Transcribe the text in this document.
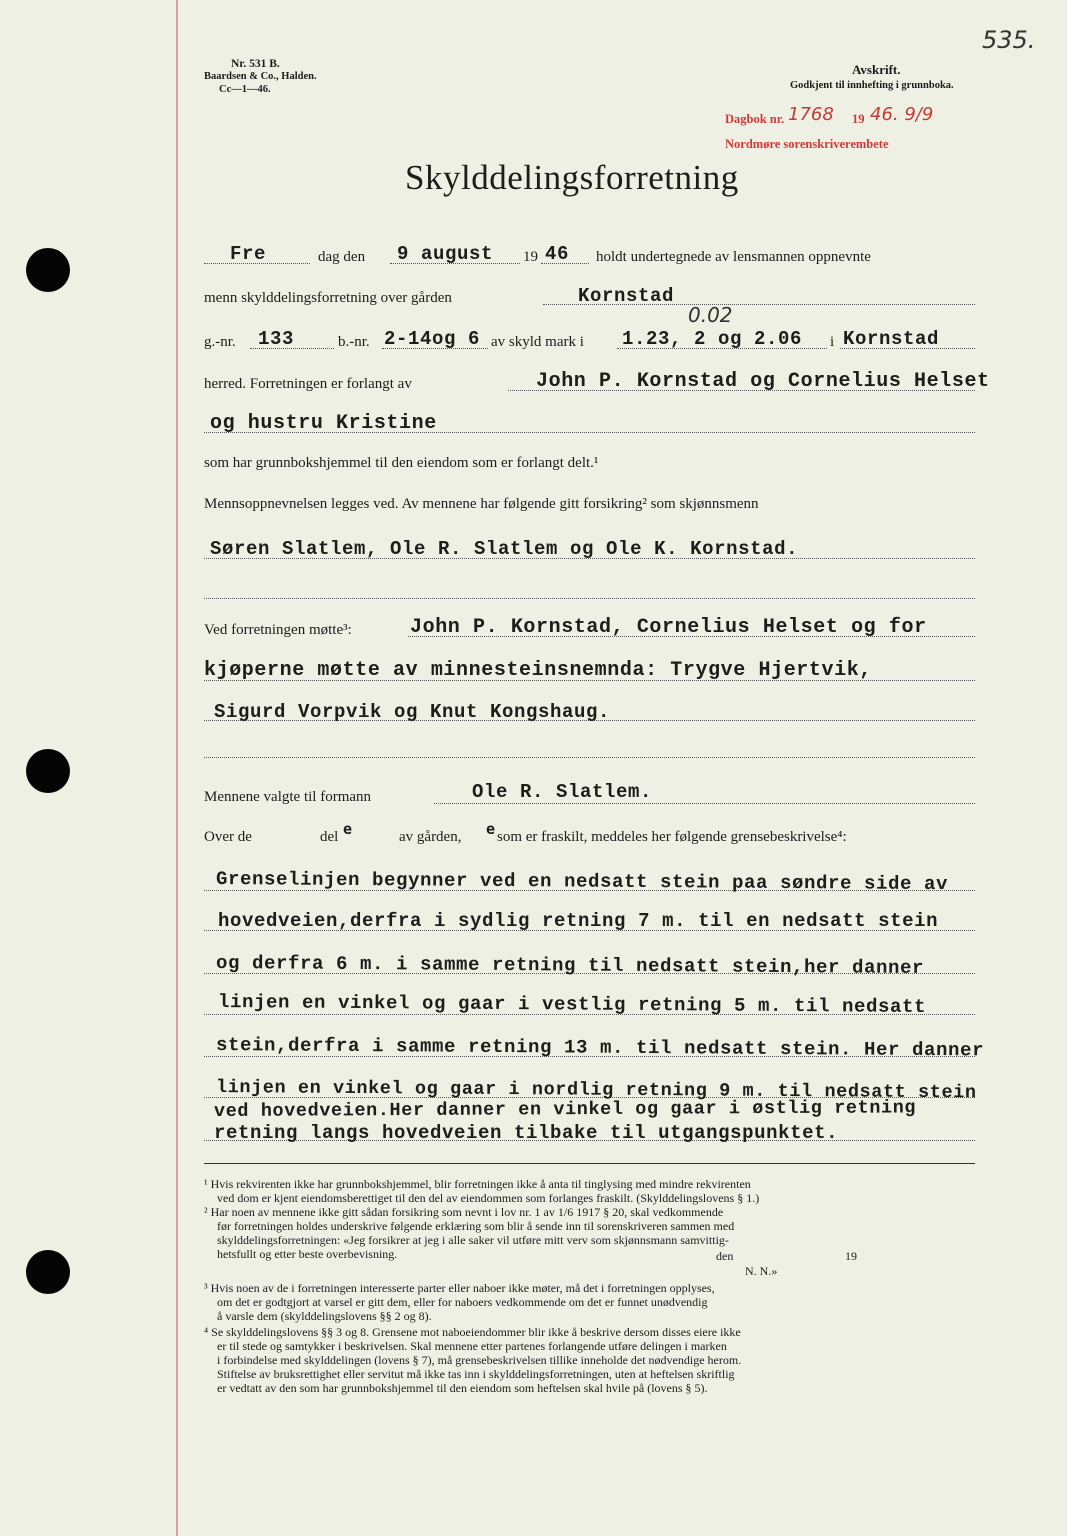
535.
Nr. 531 B.
Baardsen & Co., Halden.
Cc—1—46.
Avskrift.
Godkjent til innhefting i grunnboka.
Dagbok nr. 1768 19 46. 9/9
Nordmøre sorenskriverembete
Skylddelingsforretning
Fre	dag den 9 august 19 46 holdt undertegnede av lensmannen oppnevnte
menn skylddelingsforretning over gården	Kornstad
0.02
g.-nr. 133	b.-nr. 2-14og 6 av skyld mark i 1.23, 2 og 2.06 i Kornstad
herred. Forretningen er forlangt av	John P. Kornstad og Cornelius Helset
og hustru Kristine
som har grunnbokshjemmel til den eiendom som er forlangt delt.¹
Mennsoppnevnelsen legges ved. Av mennene har følgende gitt forsikring² som skjønnsmenn
Søren Slatlem, Ole R. Slatlem og Ole K. Kornstad.
Ved forretningen møtte³:	John P. Kornstad, Cornelius Helset og for
kjøperne møtte av minnesteinsnemnda: Trygve Hjertvik,
Sigurd Vorpvik og Knut Kongshaug.
Mennene valgte til formann	Ole R. Slatlem.
Over de	del e	av gården, e som er fraskilt, meddeles her følgende grensebeskrivelse⁴:
Grenselinjen begynner ved en nedsatt stein paa søndre side av
hovedveien,derfra i sydlig retning 7 m. til en nedsatt stein
og derfra 6 m. i samme retning til nedsatt stein,her danner
linjen en vinkel og gaar i vestlig retning 5 m. til nedsatt
stein,derfra i samme retning 13 m. til nedsatt stein. Her danner
linjen en vinkel og gaar i nordlig retning 9 m. til nedsatt stein
ved hovedveien.Her danner en vinkel og gaar i østlig retning
retning langs hovedveien tilbake til utgangspunktet.
¹ Hvis rekvirenten ikke har grunnbokshjemmel, blir forretningen ikke å anta til tinglysing med mindre rekvirenten
ved dom er kjent eiendomsberettiget til den del av eiendommen som forlanges fraskilt. (Skylddelingslovens § 1.)
² Har noen av mennene ikke gitt sådan forsikring som nevnt i lov nr. 1 av 1/6 1917 § 20, skal vedkommende
før forretningen holdes underskrive følgende erklæring som blir å sende inn til sorenskriveren sammen med
skylddelingsforretningen: «Jeg forsikrer at jeg i alle saker vil utføre mitt verv som skjønnsmann samvittig-
hetsfullt og etter beste overbevisning.	den	19
N. N.»
³ Hvis noen av de i forretningen interesserte parter eller naboer ikke møter, må det i forretningen opplyses,
om det er godtgjort at varsel er gitt dem, eller for naboers vedkommende om det er funnet unødvendig
å varsle dem (skylddelingslovens §§ 2 og 8).
⁴ Se skylddelingslovens §§ 3 og 8. Grensene mot naboeiendommer blir ikke å beskrive dersom disses eiere ikke
er til stede og samtykker i beskrivelsen. Skal mennene etter partenes forlangende utføre delingen i marken
i forbindelse med skylddelingen (lovens § 7), må grensebeskrivelsen tillike inneholde det nødvendige herom.
Stiftelse av bruksrettighet eller servitut må ikke tas inn i skylddelingsforretningen, uten at heftelsen skriftlig
er vedtatt av den som har grunnbokshjemmel til den eiendom som heftelsen skal hvile på (lovens § 5).
